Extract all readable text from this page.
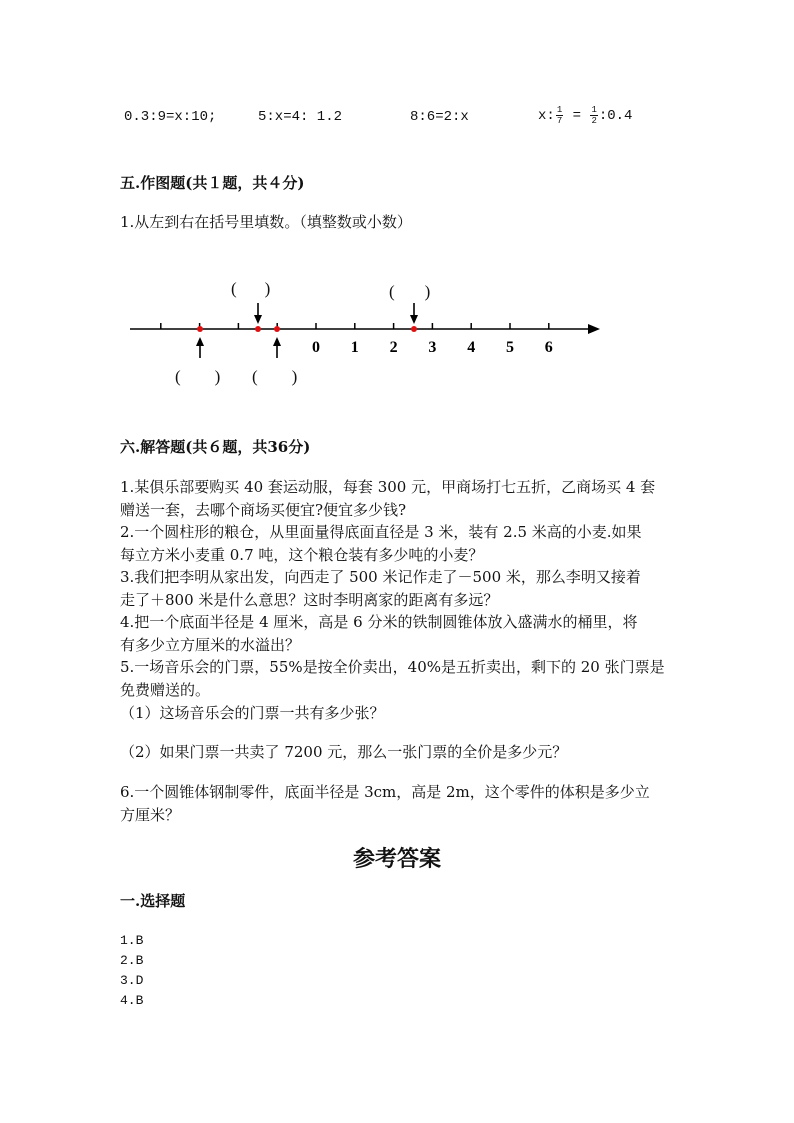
0.3:9=x:10;	5:x=4: 1.2	8:6=2:x	x: $\frac{1}{7} = \frac{1}{2}$ :0.4
五.作图题(共１题，共４分)
1.从左到右在括号里填数。（填整数或小数）
0 1 2 3 4 5 6
( )	( )
( ) ( )
六.解答题(共６题，共36分)
1.某俱乐部要购买 40 套运动服，每套 300 元，甲商场打七五折，乙商场买 4 套
赠送一套，去哪个商场买便宜?便宜多少钱?
2.一个圆柱形的粮仓，从里面量得底面直径是 3 米，装有 2.5 米高的小麦.如果
每立方米小麦重 0.7 吨，这个粮仓装有多少吨的小麦？
3.我们把李明从家出发，向西走了 500 米记作走了－500 米，那么李明又接着
走了＋800 米是什么意思？这时李明离家的距离有多远？
4.把一个底面半径是 4 厘米，高是 6 分米的铁制圆锥体放入盛满水的桶里，将
有多少立方厘米的水溢出？
5.一场音乐会的门票，55%是按全价卖出，40%是五折卖出，剩下的 20 张门票是
免费赠送的。
（1）这场音乐会的门票一共有多少张？
（2）如果门票一共卖了 7200 元，那么一张门票的全价是多少元？
6.一个圆锥体钢制零件，底面半径是 3cm，高是 2m，这个零件的体积是多少立
方厘米？
参考答案
一.选择题
1.B
2.B
3.D
4.B
